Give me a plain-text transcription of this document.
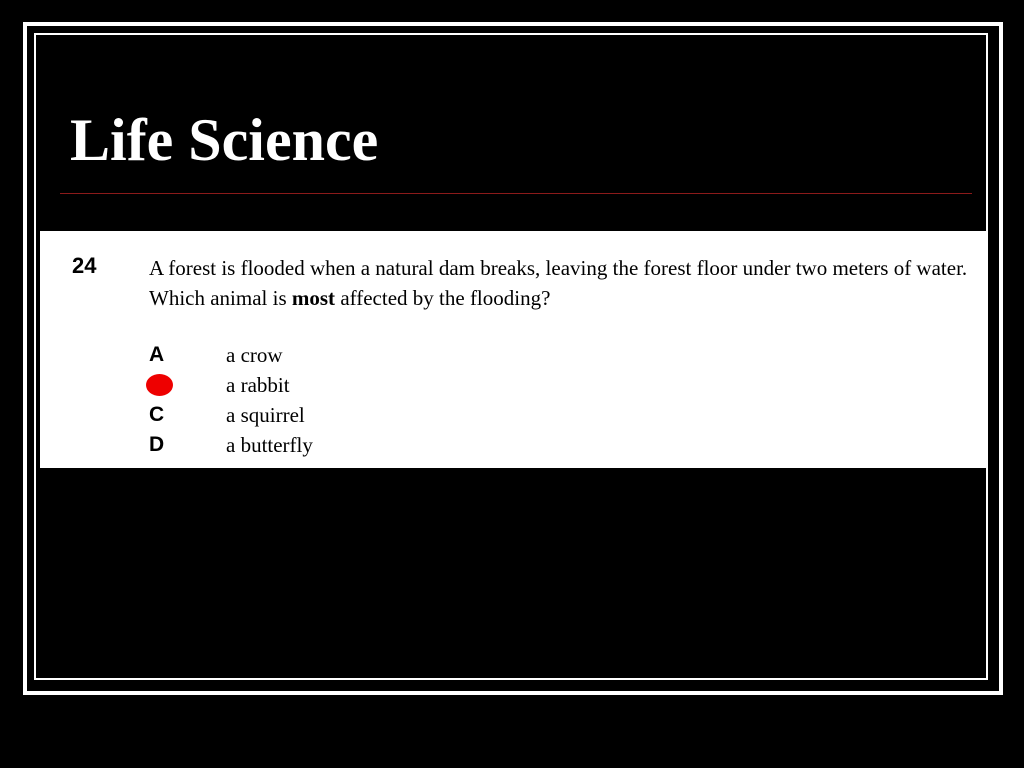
Life Science
24	A forest is flooded when a natural dam breaks, leaving the forest floor under two meters of water. Which animal is most affected by the flooding?

A	a crow
a rabbit
C	a squirrel
D	a butterfly
